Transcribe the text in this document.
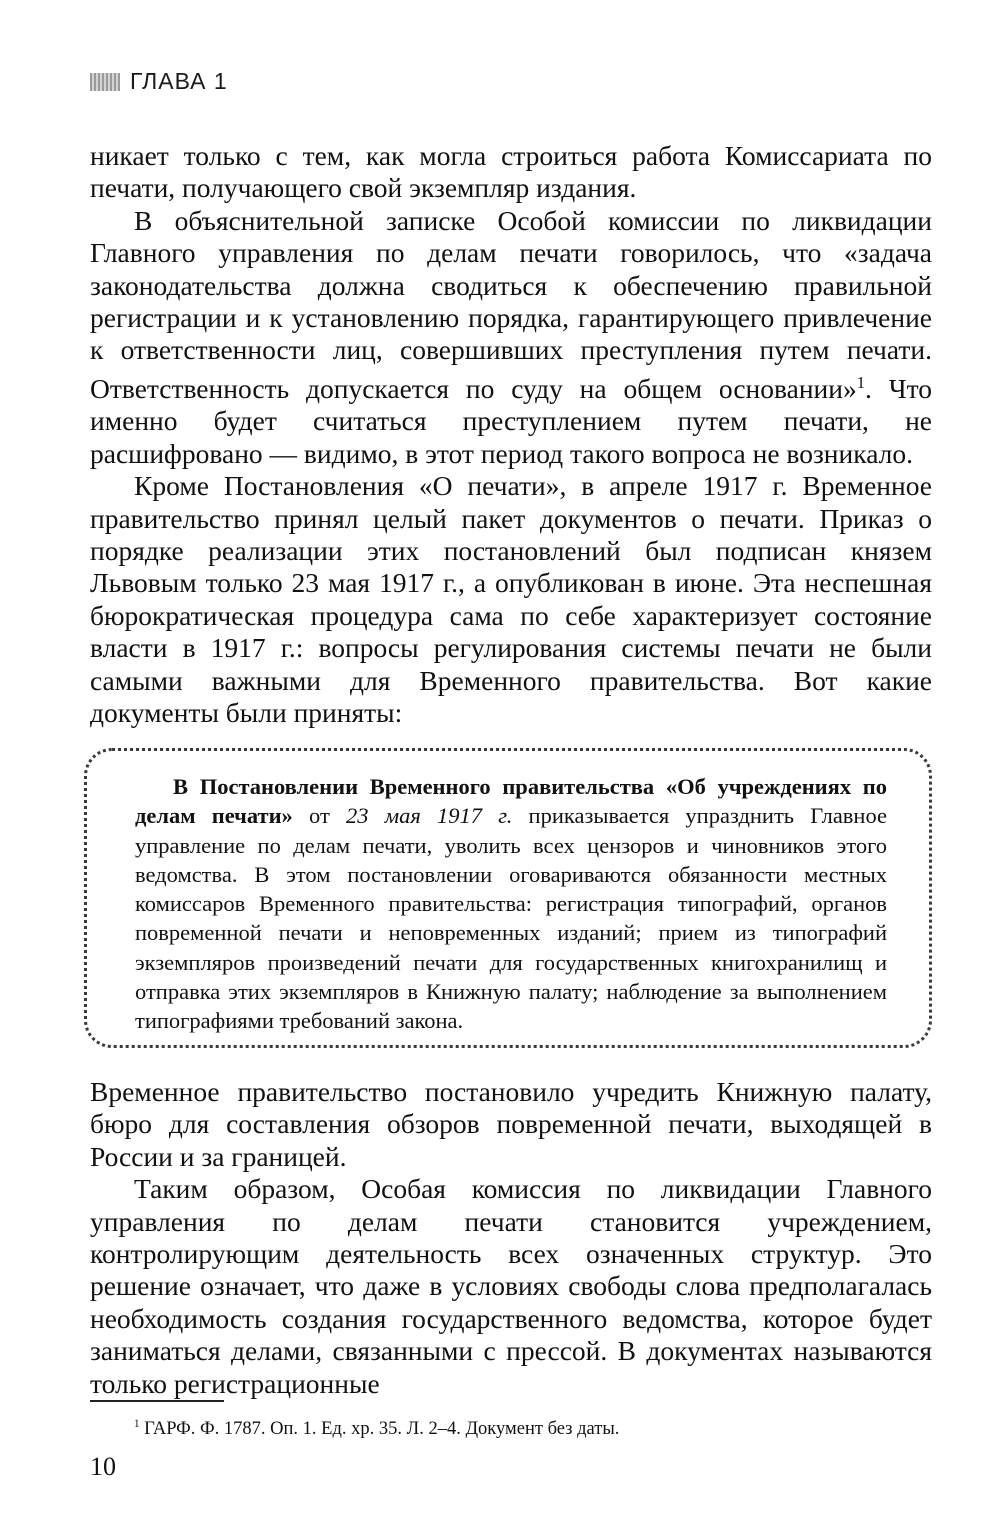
ГЛАВА 1

никает только с тем, как могла строиться работа Комиссариата по печати, получающего свой экземпляр издания.

В объяснительной записке Особой комиссии по ликвидации Главного управления по делам печати говорилось, что «задача законодательства должна сводиться к обеспечению правильной регистрации и к установлению порядка, гарантирующего привлечение к ответственности лиц, совершивших преступления путем печати. Ответственность допускается по суду на общем основании»$^1$. Что именно будет считаться преступлением путем печати, не расшифровано — видимо, в этот период такого вопроса не возникало.

Кроме Постановления «О печати», в апреле 1917 г. Временное правительство принял целый пакет документов о печати. Приказ о порядке реализации этих постановлений был подписан князем Львовым только 23 мая 1917 г., а опубликован в июне. Эта неспешная бюрократическая процедура сама по себе характеризует состояние власти в 1917 г.: вопросы регулирования системы печати не были самыми важными для Временного правительства. Вот какие документы были приняты:

В Постановлении Временного правительства «Об учреждениях по делам печати» от 23 мая 1917 г. приказывается упразднить Главное управление по делам печати, уволить всех цензоров и чиновников этого ведомства. В этом постановлении оговариваются обязанности местных комиссаров Временного правительства: регистрация типографий, органов повременной печати и неповременных изданий; прием из типографий экземпляров произведений печати для государственных книгохранилищ и отправка этих экземпляров в Книжную палату; наблюдение за выполнением типографиями требований закона.

Временное правительство постановило учредить Книжную палату, бюро для составления обзоров повременной печати, выходящей в России и за границей.

Таким образом, Особая комиссия по ликвидации Главного управления по делам печати становится учреждением, контролирующим деятельность всех означенных структур. Это решение означает, что даже в условиях свободы слова предполагалась необходимость создания государственного ведомства, которое будет заниматься делами, связанными с прессой. В документах называются только регистрационные

$^1$ ГАРФ. Ф. 1787. Оп. 1. Ед. хр. 35. Л. 2–4. Документ без даты.
10
